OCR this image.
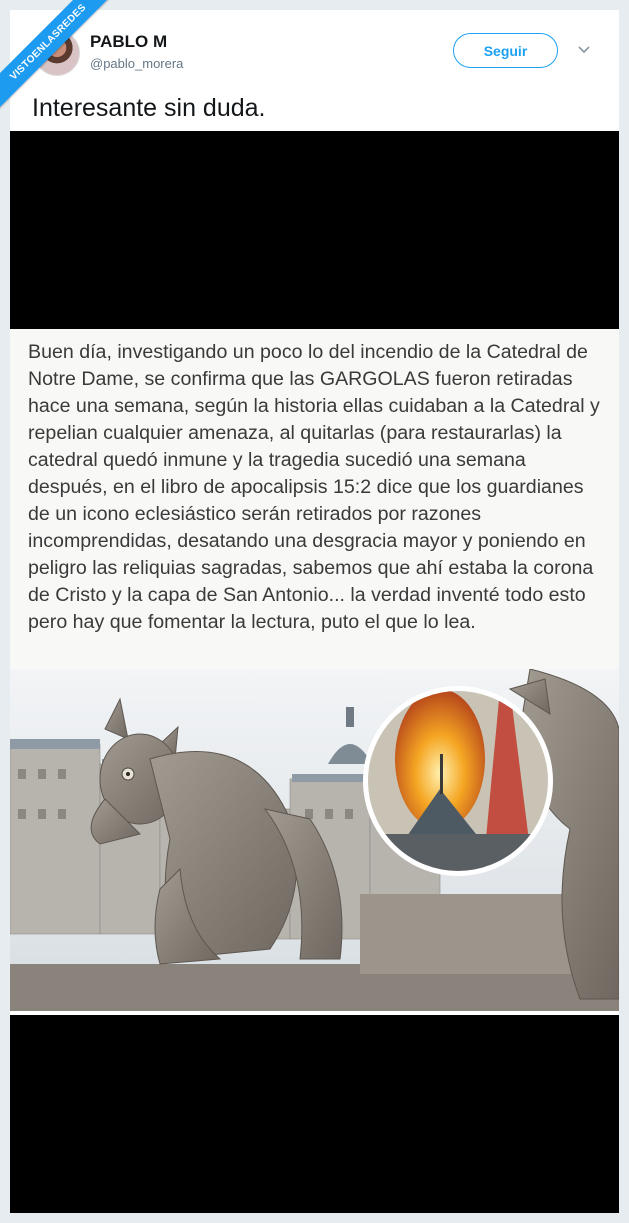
VISTOENLASREDES PABLO M
@pablo_morera
Seguir
Interesante sin duda.

Buen día, investigando un poco lo del incendio de la Catedral de Notre Dame, se confirma que las GARGOLAS fueron retiradas hace una semana, según la historia ellas cuidaban a la Catedral y repelian cualquier amenaza, al quitarlas (para restaurarlas) la catedral quedó inmune y la tragedia sucedió una semana después, en el libro de apocalipsis 15:2 dice que los guardianes de un icono eclesiástico serán retirados por razones incomprendidas, desatando una desgracia mayor y poniendo en peligro las reliquias sagradas, sabemos que ahí estaba la corona de Cristo y la capa de San Antonio... la verdad inventé todo esto pero hay que fomentar la lectura, puto el que lo lea.
